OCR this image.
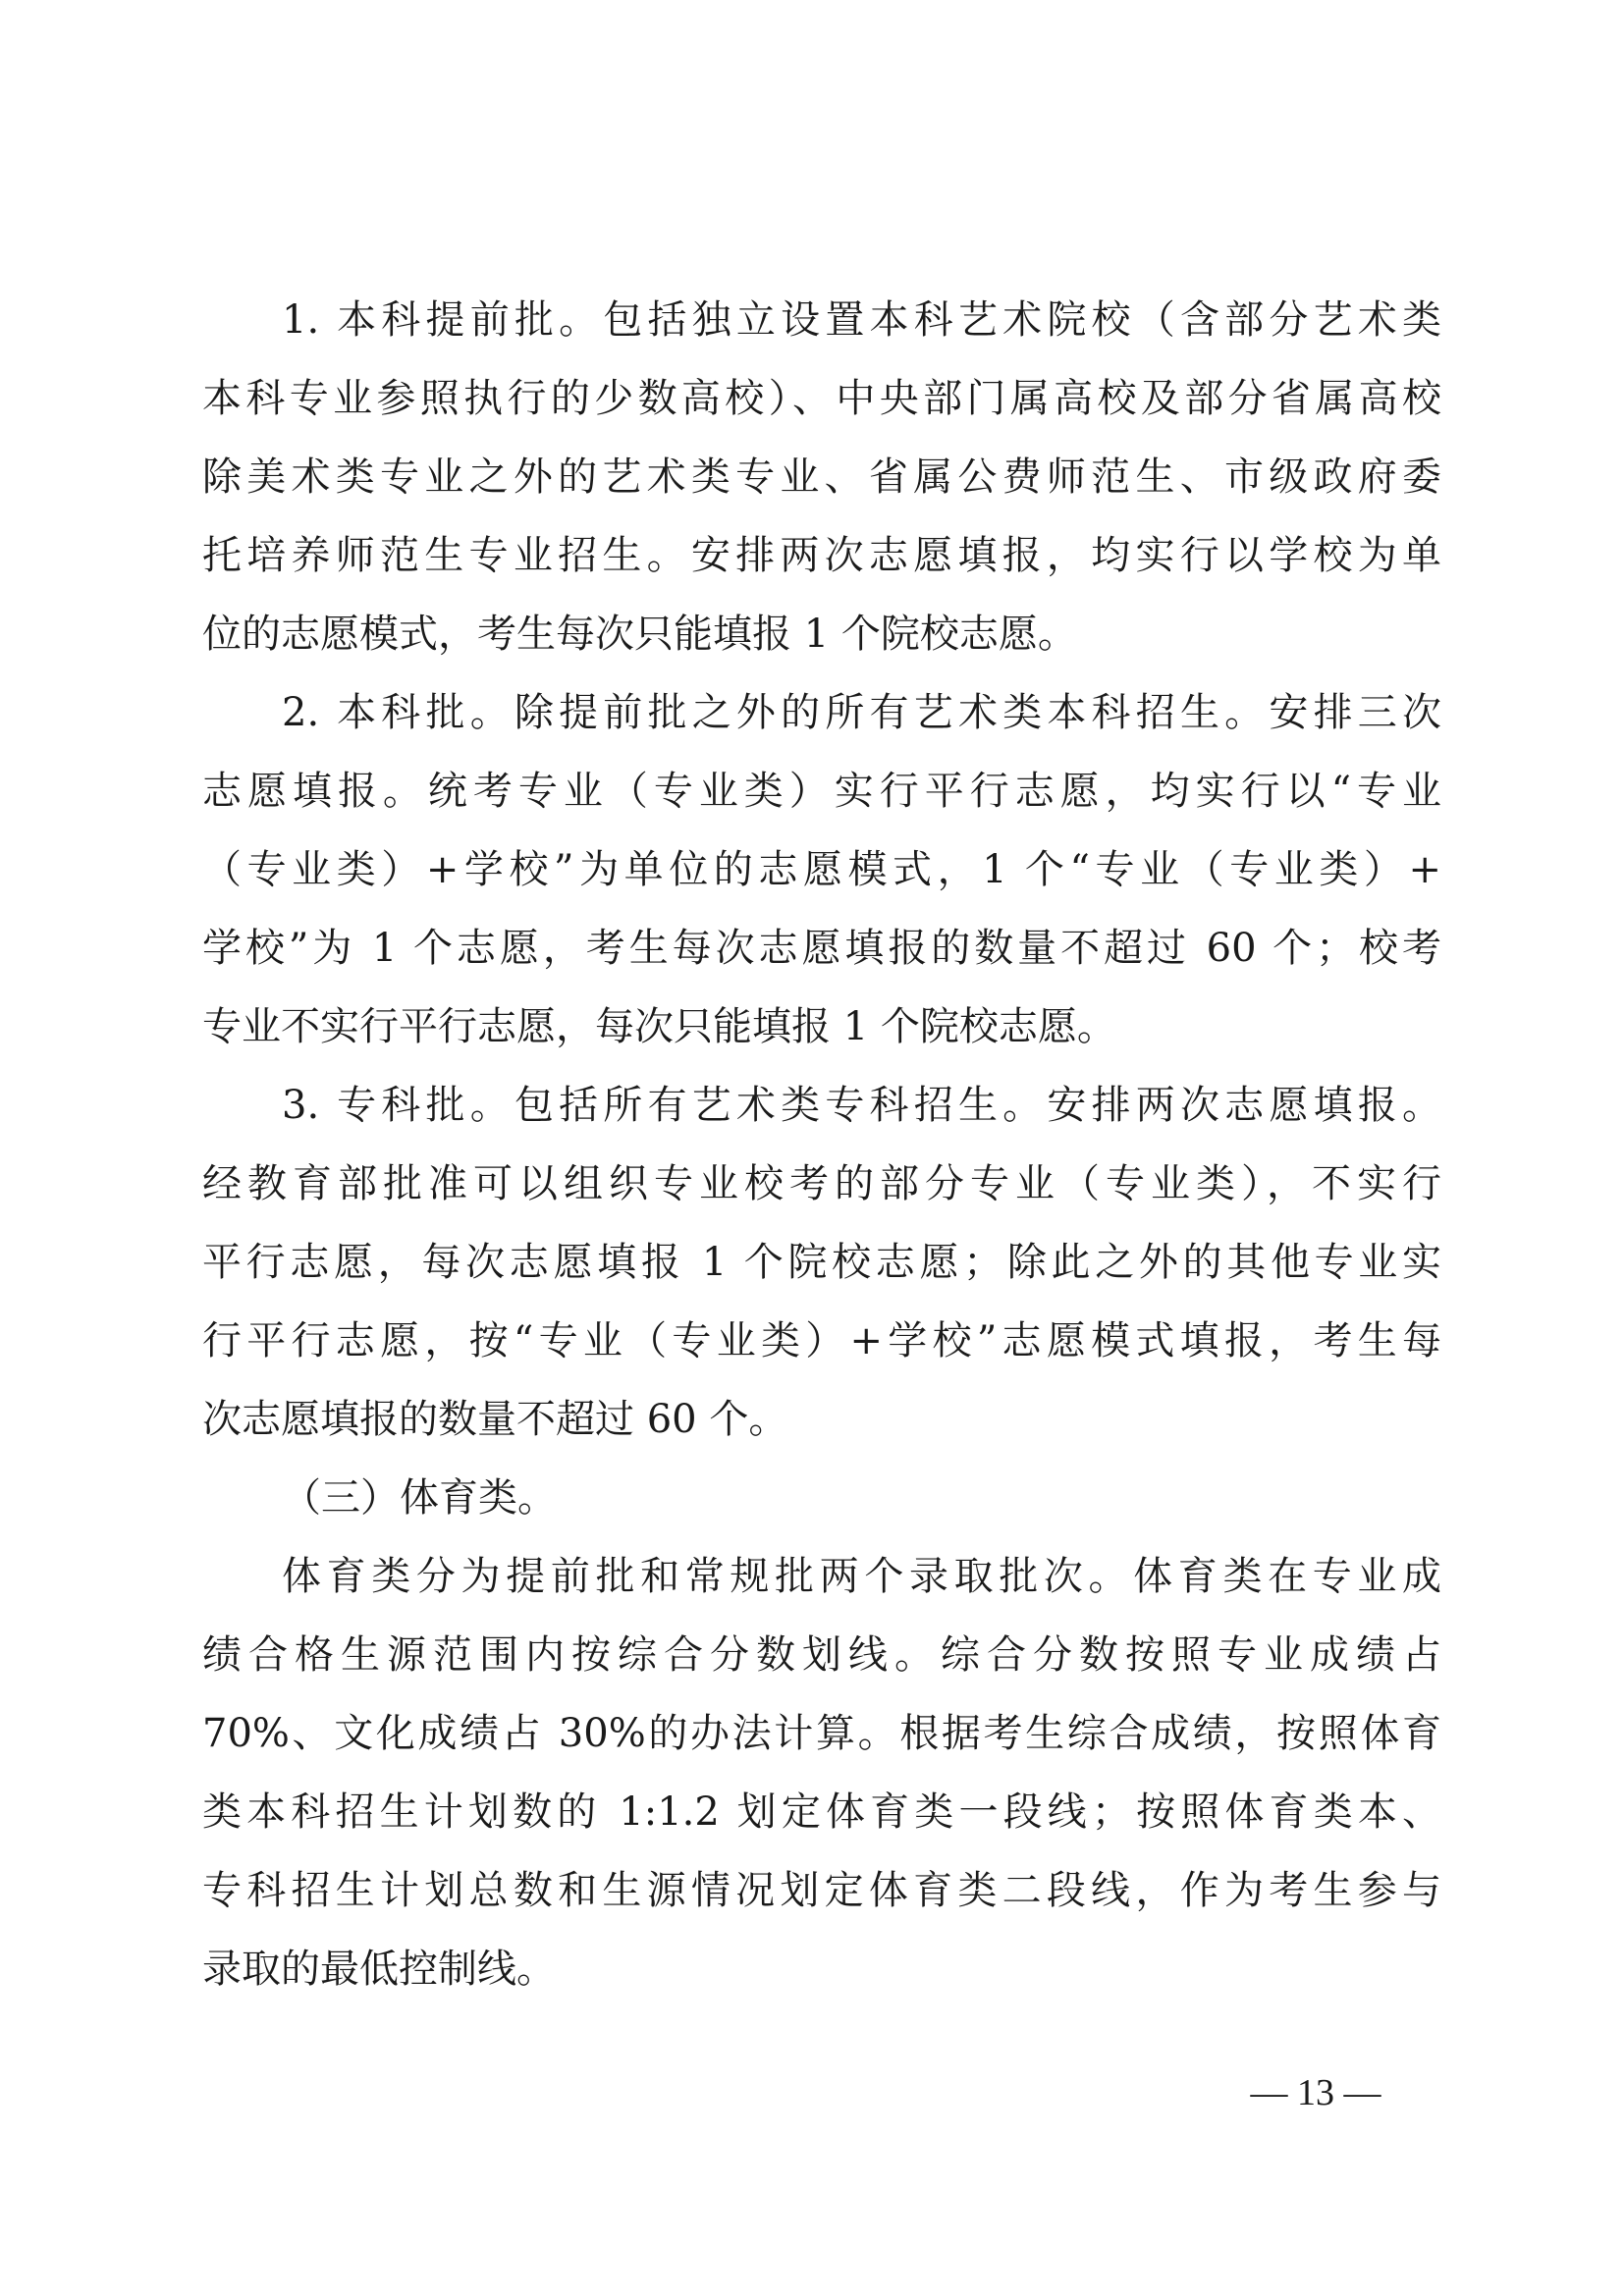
1. 本科提前批。包括独立设置本科艺术院校（含部分艺术类
本科专业参照执行的少数高校）、中央部门属高校及部分省属高校
除美术类专业之外的艺术类专业、省属公费师范生、市级政府委
托培养师范生专业招生。安排两次志愿填报，均实行以学校为单
位的志愿模式，考生每次只能填报 1 个院校志愿。
2. 本科批。除提前批之外的所有艺术类本科招生。安排三次
志愿填报。统考专业（专业类）实行平行志愿，均实行以“专业
（专业类）+学校”为单位的志愿模式，1 个“专业（专业类）+
学校”为 1 个志愿，考生每次志愿填报的数量不超过 60 个；校考
专业不实行平行志愿，每次只能填报 1 个院校志愿。
3. 专科批。包括所有艺术类专科招生。安排两次志愿填报。
经教育部批准可以组织专业校考的部分专业（专业类），不实行
平行志愿，每次志愿填报 1 个院校志愿；除此之外的其他专业实
行平行志愿，按“专业（专业类）+学校”志愿模式填报，考生每
次志愿填报的数量不超过 60 个。
（三）体育类。
体育类分为提前批和常规批两个录取批次。体育类在专业成
绩合格生源范围内按综合分数划线。综合分数按照专业成绩占
70%、文化成绩占 30%的办法计算。根据考生综合成绩，按照体育
类本科招生计划数的 1:1.2 划定体育类一段线；按照体育类本、
专科招生计划总数和生源情况划定体育类二段线，作为考生参与
录取的最低控制线。
— 13 —
